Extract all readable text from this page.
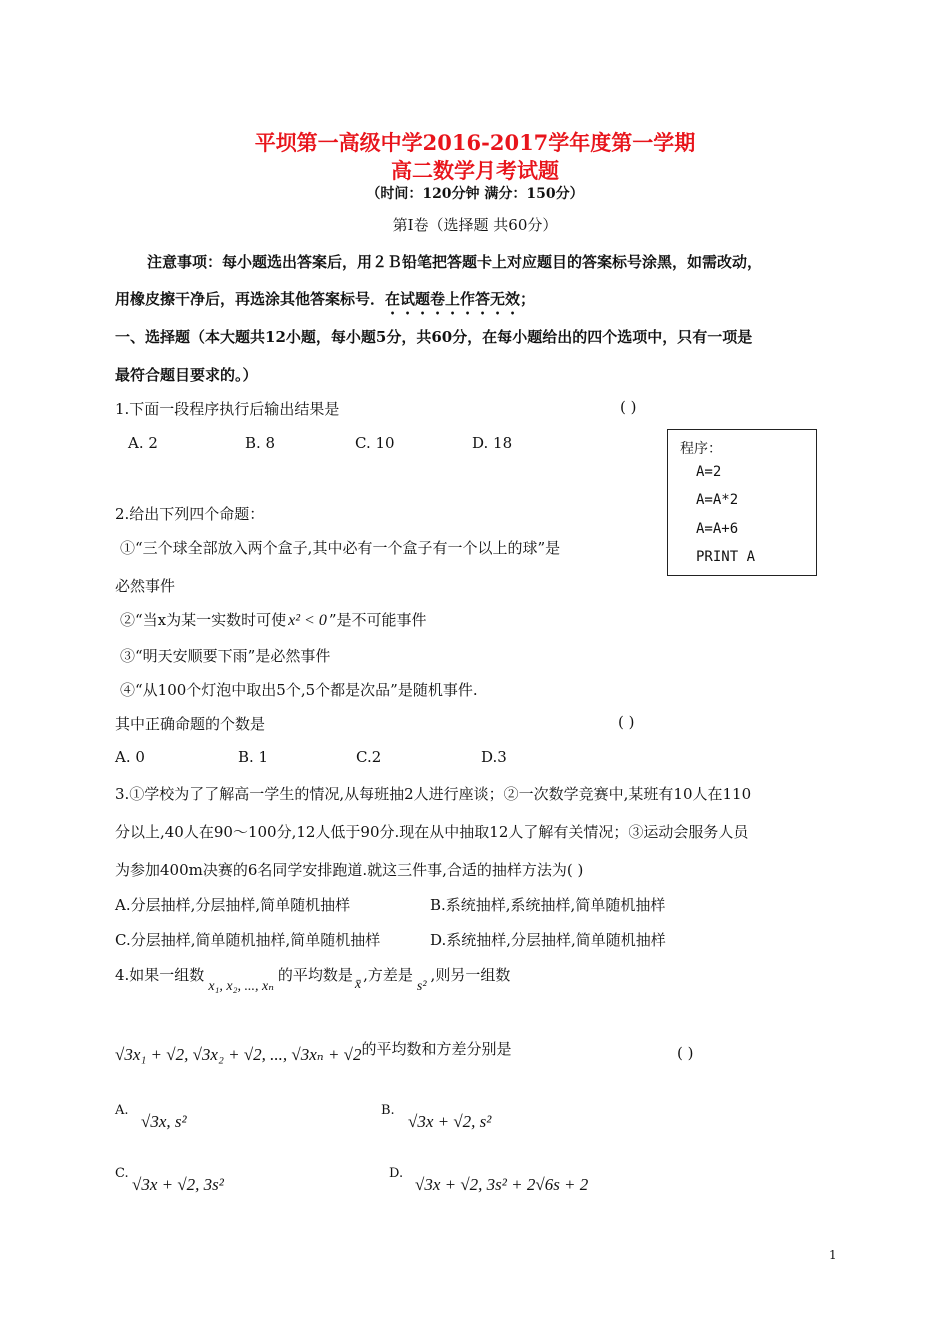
平坝第一高级中学2016-2017学年度第一学期
高二数学月考试题
（时间：120分钟 满分：150分）
第Ⅰ卷（选择题 共60分）
注意事项：每小题选出答案后，用２Ｂ铅笔把答题卡上对应题目的答案标号涂黑，如需改动，
用橡皮擦干净后，再选涂其他答案标号．在试题卷上作答无效；
一、选择题（本大题共12小题，每小题5分，共60分，在每小题给出的四个选项中，只有一项是
最符合题目要求的。）
1.下面一段程序执行后输出结果是	( )
A. 2	B. 8	C. 10	D. 18	程序：
A=2
A=A*2
A=A+6
PRINT A
2.给出下列四个命题：
①“三个球全部放入两个盒子,其中必有一个盒子有一个以上的球”是
必然事件
②“当x为某一实数时可使 x² < 0 ”是不可能事件
③“明天安顺要下雨”是必然事件
④“从100个灯泡中取出5个,5个都是次品”是随机事件.
其中正确命题的个数是	( )
A. 0	B. 1	C.2	D.3
3.①学校为了了解高一学生的情况,从每班抽2人进行座谈；②一次数学竞赛中,某班有10人在110
分以上,40人在90～100分,12人低于90分.现在从中抽取12人了解有关情况；③运动会服务人员
为参加400m决赛的6名同学安排跑道.就这三件事,合适的抽样方法为( )
A.分层抽样,分层抽样,简单随机抽样	B.系统抽样,系统抽样,简单随机抽样
C.分层抽样,简单随机抽样,简单随机抽样	D.系统抽样,分层抽样,简单随机抽样
4.如果一组数x₁, x₂, ..., xₙ的平均数是x̄,方差是s²,则另一组数
√3x₁ + √2, √3x₂ + √2, ..., √3xₙ + √2的平均数和方差分别是	( )
A.
√3x, s²
B.
√3x + √2, s²
C.
√3x + √2, 3s²
D.
√3x + √2, 3s² + 2√6s + 2
1
